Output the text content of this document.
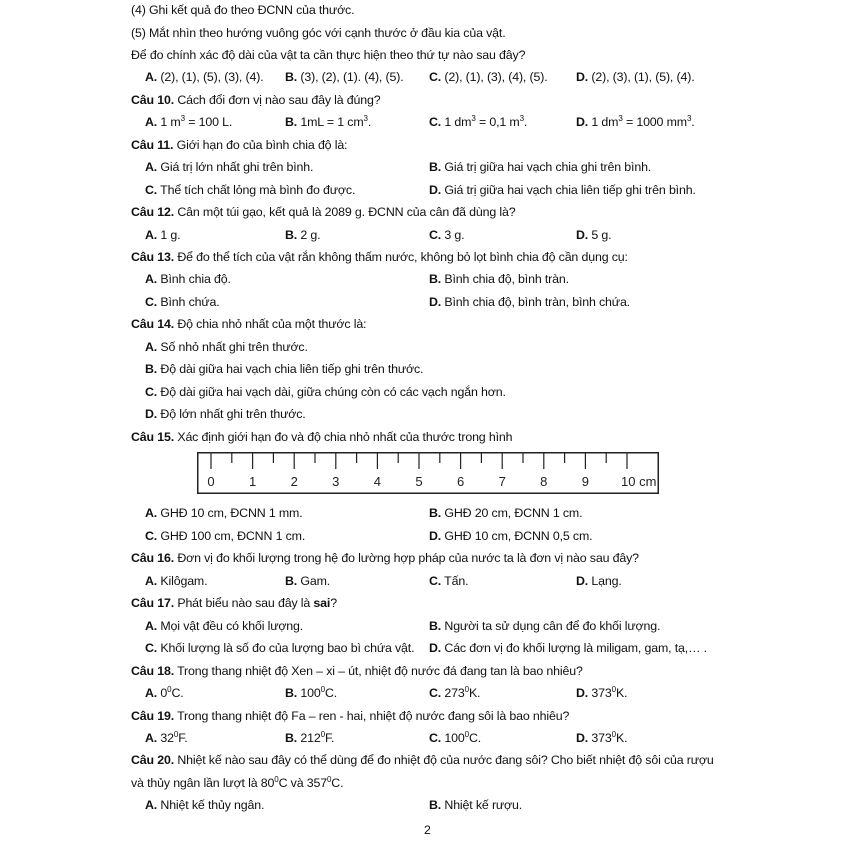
(4) Ghi kết quả đo theo ĐCNN của thước.
(5) Mắt nhìn theo hướng vuông góc với cạnh thước ở đầu kia của vật.
Để đo chính xác độ dài của vật ta cần thực hiện theo thứ tự nào sau đây?
A. (2), (1), (5), (3), (4). B. (3), (2), (1). (4), (5). C. (2), (1), (3), (4), (5). D. (2), (3), (1), (5), (4).
Câu 10. Cách đổi đơn vị nào sau đây là đúng?
A. 1 $m^3 = 100$ L.	B. 1mL = 1 $cm^3$.	C. 1 $dm^3 = 0,1$ $m^3$.	D. 1 $dm^3 = 1000$ $mm^3$.
Câu 11. Giới hạn đo của bình chia độ là:
A. Giá trị lớn nhất ghi trên bình.	B. Giá trị giữa hai vạch chia ghi trên bình.
C. Thể tích chất lỏng mà bình đo được.	D. Giá trị giữa hai vạch chia liên tiếp ghi trên bình.
Câu 12. Cân một túi gạo, kết quả là 2089 g. ĐCNN của cân đã dùng là?
A. 1 g.	B. 2 g.	C. 3 g.	D. 5 g.
Câu 13. Để đo thể tích của vật rắn không thấm nước, không bỏ lọt bình chia độ cần dụng cụ:
A. Bình chia độ.	B. Bình chia độ, bình tràn.
C. Bình chứa.	D. Bình chia độ, bình tràn, bình chứa.
Câu 14. Độ chia nhỏ nhất của một thước là:
A. Số nhỏ nhất ghi trên thước.
B. Độ dài giữa hai vạch chia liên tiếp ghi trên thước.
C. Độ dài giữa hai vạch dài, giữa chúng còn có các vạch ngắn hơn.
D. Độ lớn nhất ghi trên thước.
Câu 15. Xác định giới hạn đo và độ chia nhỏ nhất của thước trong hình
0	1	2	3	4	5	6	7	8	9 10 cm
A. GHĐ 10 cm, ĐCNN 1 mm.	B. GHĐ 20 cm, ĐCNN 1 cm.
C. GHĐ 100 cm, ĐCNN 1 cm.	D. GHĐ 10 cm, ĐCNN 0,5 cm.
Câu 16. Đơn vị đo khối lượng trong hệ đo lường hợp pháp của nước ta là đơn vị nào sau đây?
A. Kilôgam.	B. Gam.	C. Tấn.	D. Lạng.
Câu 17. Phát biểu nào sau đây là sai?
A. Mọi vật đều có khối lượng.	B. Người ta sử dụng cân để đo khối lượng.
C. Khối lượng là số đo của lượng bao bì chứa vật. D. Các đơn vị đo khối lượng là miligam, gam, tạ,… .
Câu 18. Trong thang nhiệt độ Xen – xi – út, nhiệt độ nước đá đang tan là bao nhiêu?
A. $0^0C$.	B. $100^0C$.	C. $273^0K$.	D. $373^0K$.
Câu 19. Trong thang nhiệt độ Fa – ren - hai, nhiệt độ nước đang sôi là bao nhiêu?
A. $32^0F$.	B. $212^0F$.	C. $100^0C$.	D. $373^0K$.
Câu 20. Nhiệt kế nào sau đây có thể dùng để đo nhiệt độ của nước đang sôi? Cho biết nhiệt độ sôi của rượu
và thủy ngân lần lượt là $80^0C$ và $357^0C$.
A. Nhiệt kế thủy ngân.	B. Nhiệt kế rượu.
2
